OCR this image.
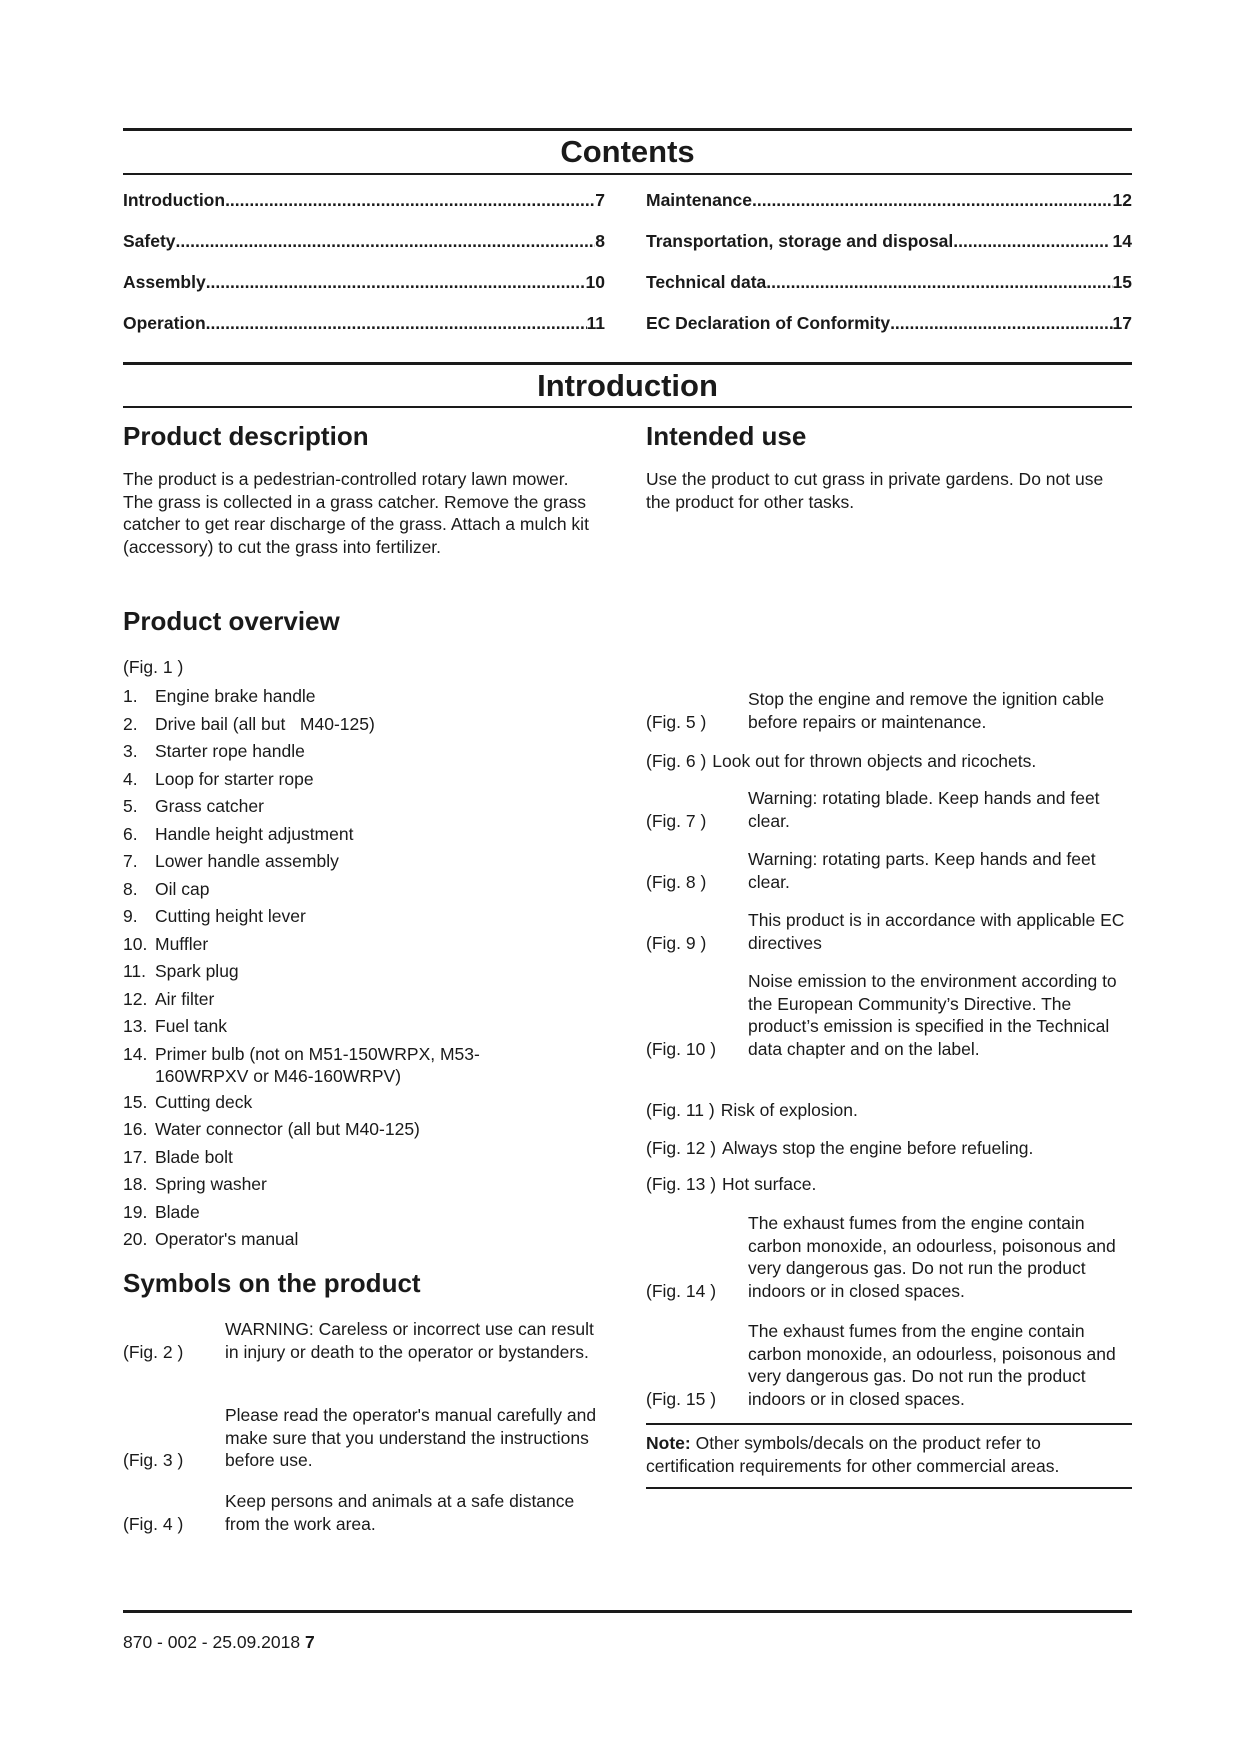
Contents
Introduction .....	7
Safety .....	8
Assembly .....	10
Operation .....	11
Maintenance .....	12
Transportation, storage and disposal .....	14
Technical data .....	15
EC Declaration of Conformity .....	17
Introduction
Product description
The product is a pedestrian-controlled rotary lawn mower. The grass is collected in a grass catcher. Remove the grass catcher to get rear discharge of the grass. Attach a mulch kit (accessory) to cut the grass into fertilizer.
Product overview
(Fig. 1 )
1. Engine brake handle
2. Drive bail (all but   M40-125)
3. Starter rope handle
4. Loop for starter rope
5. Grass catcher
6. Handle height adjustment
7. Lower handle assembly
8. Oil cap
9. Cutting height lever
10. Muffler
11. Spark plug
12. Air filter
13. Fuel tank
14. Primer bulb (not on M51-150WRPX, M53-160WRPXV or M46-160WRPV)
15. Cutting deck
16. Water connector (all but M40-125)
17. Blade bolt
18. Spring washer
19. Blade
20. Operator's manual
Symbols on the product
(Fig. 2 )
WARNING: Careless or incorrect use can result in injury or death to the operator or bystanders.
(Fig. 3 )
Please read the operator's manual carefully and make sure that you understand the instructions before use.
(Fig. 4 )
Keep persons and animals at a safe distance from the work area.
Intended use
Use the product to cut grass in private gardens. Do not use the product for other tasks.
(Fig. 5 )
Stop the engine and remove the ignition cable before repairs or maintenance.
(Fig. 6 ) Look out for thrown objects and ricochets.
(Fig. 7 )
Warning: rotating blade. Keep hands and feet clear.
(Fig. 8 )
Warning: rotating parts. Keep hands and feet clear.
(Fig. 9 )
This product is in accordance with applicable EC directives
(Fig. 10 )
Noise emission to the environment according to the European Community’s Directive. The product’s emission is specified in the Technical data chapter and on the label.
(Fig. 11 ) Risk of explosion.
(Fig. 12 ) Always stop the engine before refueling.
(Fig. 13 ) Hot surface.
(Fig. 14 )
The exhaust fumes from the engine contain carbon monoxide, an odourless, poisonous and very dangerous gas. Do not run the product indoors or in closed spaces.
(Fig. 15 )
The exhaust fumes from the engine contain carbon monoxide, an odourless, poisonous and very dangerous gas. Do not run the product indoors or in closed spaces.
Note: Other symbols/decals on the product refer to certification requirements for other commercial areas.
870 - 002 - 25.09.2018 7
